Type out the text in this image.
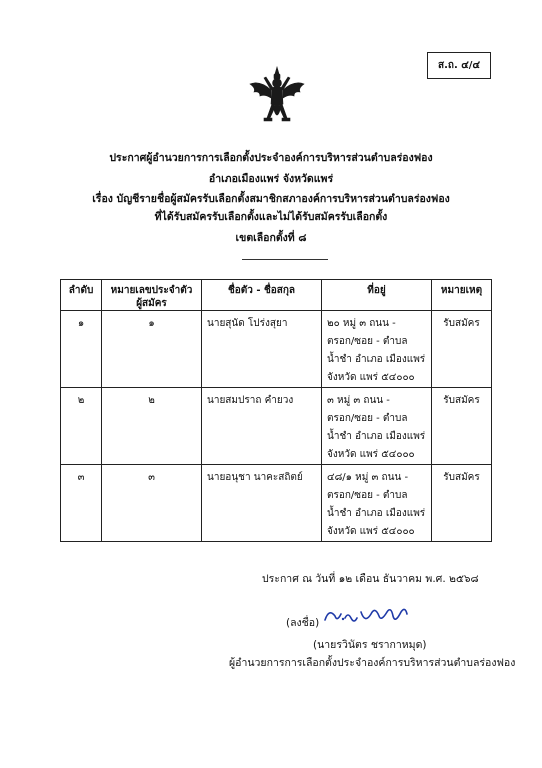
ส.ถ. ๔/๔
ประกาศผู้อำนวยการการเลือกตั้งประจำองค์การบริหารส่วนตำบลร่องฟอง
อำเภอเมืองแพร่ จังหวัดแพร่
เรื่อง บัญชีรายชื่อผู้สมัครรับเลือกตั้งสมาชิกสภาองค์การบริหารส่วนตำบลร่องฟอง
ที่ได้รับสมัครรับเลือกตั้งและไม่ได้รับสมัครรับเลือกตั้ง
เขตเลือกตั้งที่ ๘
ลำดับ	หมายเลขประจำตัว ผู้สมัคร	ชื่อตัว - ชื่อสกุล	ที่อยู่	หมายเหตุ
๑	๑	นายสุนัด โปร่งสุยา	๒๐ หมู่ ๓ ถนน -
ตรอก/ซอย - ตำบล
น้ำชำ อำเภอ เมืองแพร่
จังหวัด แพร่ ๕๔๐๐๐	รับสมัคร
๒	๒	นายสมปราถ คำยวง	๓ หมู่ ๓ ถนน -
ตรอก/ซอย - ตำบล
น้ำชำ อำเภอ เมืองแพร่
จังหวัด แพร่ ๕๔๐๐๐	รับสมัคร
๓	๓	นายอนุชา นาคะสถิตย์	๔๘/๑ หมู่ ๓ ถนน -
ตรอก/ซอย - ตำบล
น้ำชำ อำเภอ เมืองแพร่
จังหวัด แพร่ ๕๔๐๐๐	รับสมัคร
ประกาศ ณ วันที่ ๑๒ เดือน ธันวาคม พ.ศ. ๒๕๖๘
(ลงชื่อ)
(นายรวินัตร ชรากาหมุด)
ผู้อำนวยการการเลือกตั้งประจำองค์การบริหารส่วนตำบลร่องฟอง
